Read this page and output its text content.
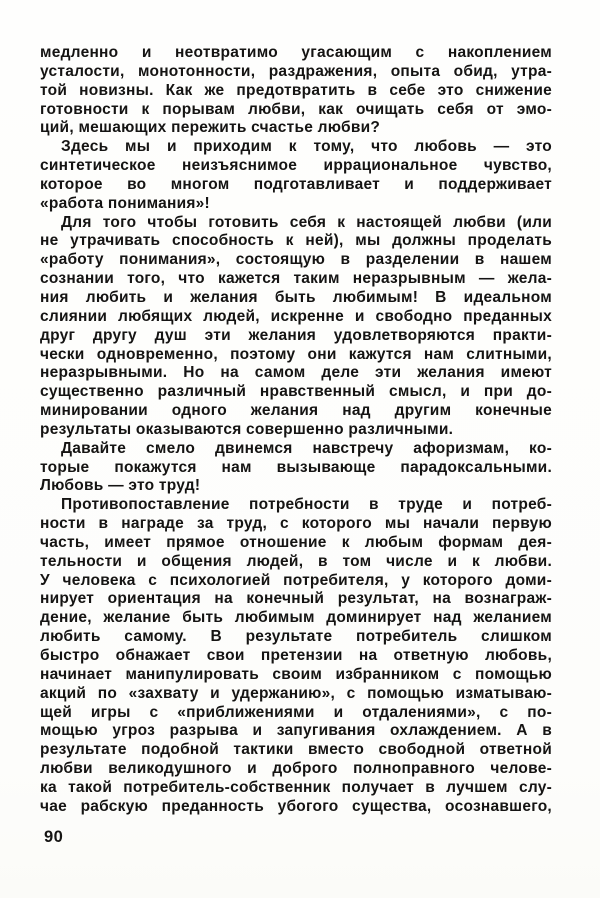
медленно и неотвратимо угасающим с накоплением
усталости, монотонности, раздражения, опыта обид, утра-
той новизны. Как же предотвратить в себе это снижение
готовности к порывам любви, как очищать себя от эмо-
ций, мешающих пережить счастье любви?
Здесь мы и приходим к тому, что любовь — это
синтетическое неизъяснимое иррациональное чувство,
которое во многом подготавливает и поддерживает
«работа понимания»!
Для того чтобы готовить себя к настоящей любви (или
не утрачивать способность к ней), мы должны проделать
«работу понимания», состоящую в разделении в нашем
сознании того, что кажется таким неразрывным — жела-
ния любить и желания быть любимым! В идеальном
слиянии любящих людей, искренне и свободно преданных
друг другу душ эти желания удовлетворяются практи-
чески одновременно, поэтому они кажутся нам слитными,
неразрывными. Но на самом деле эти желания имеют
существенно различный нравственный смысл, и при до-
минировании одного желания над другим конечные
результаты оказываются совершенно различными.
Давайте смело двинемся навстречу афоризмам, ко-
торые покажутся нам вызывающе парадоксальными.
Любовь — это труд!
Противопоставление потребности в труде и потреб-
ности в награде за труд, с которого мы начали первую
часть, имеет прямое отношение к любым формам дея-
тельности и общения людей, в том числе и к любви.
У человека с психологией потребителя, у которого доми-
нирует ориентация на конечный результат, на вознаграж-
дение, желание быть любимым доминирует над желанием
любить самому. В результате потребитель слишком
быстро обнажает свои претензии на ответную любовь,
начинает манипулировать своим избранником с помощью
акций по «захвату и удержанию», с помощью изматываю-
щей игры с «приближениями и отдалениями», с по-
мощью угроз разрыва и запугивания охлаждением. А в
результате подобной тактики вместо свободной ответной
любви великодушного и доброго полноправного челове-
ка такой потребитель-собственник получает в лучшем слу-
чае рабскую преданность убогого существа, осознавшего,
90
